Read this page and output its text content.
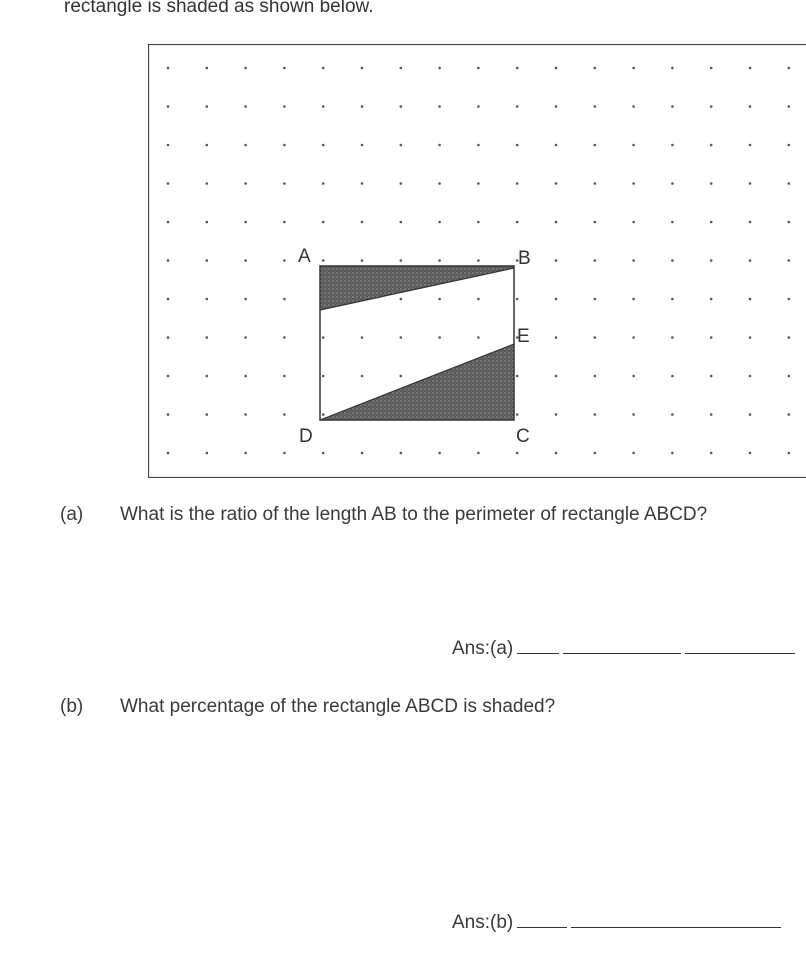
rectangle is shaded as shown below.
A	B
E
C
D
(a) What is the ratio of the length AB to the perimeter of rectangle ABCD?
Ans:(a)
(b) What percentage of the rectangle ABCD is shaded?
Ans:(b)
